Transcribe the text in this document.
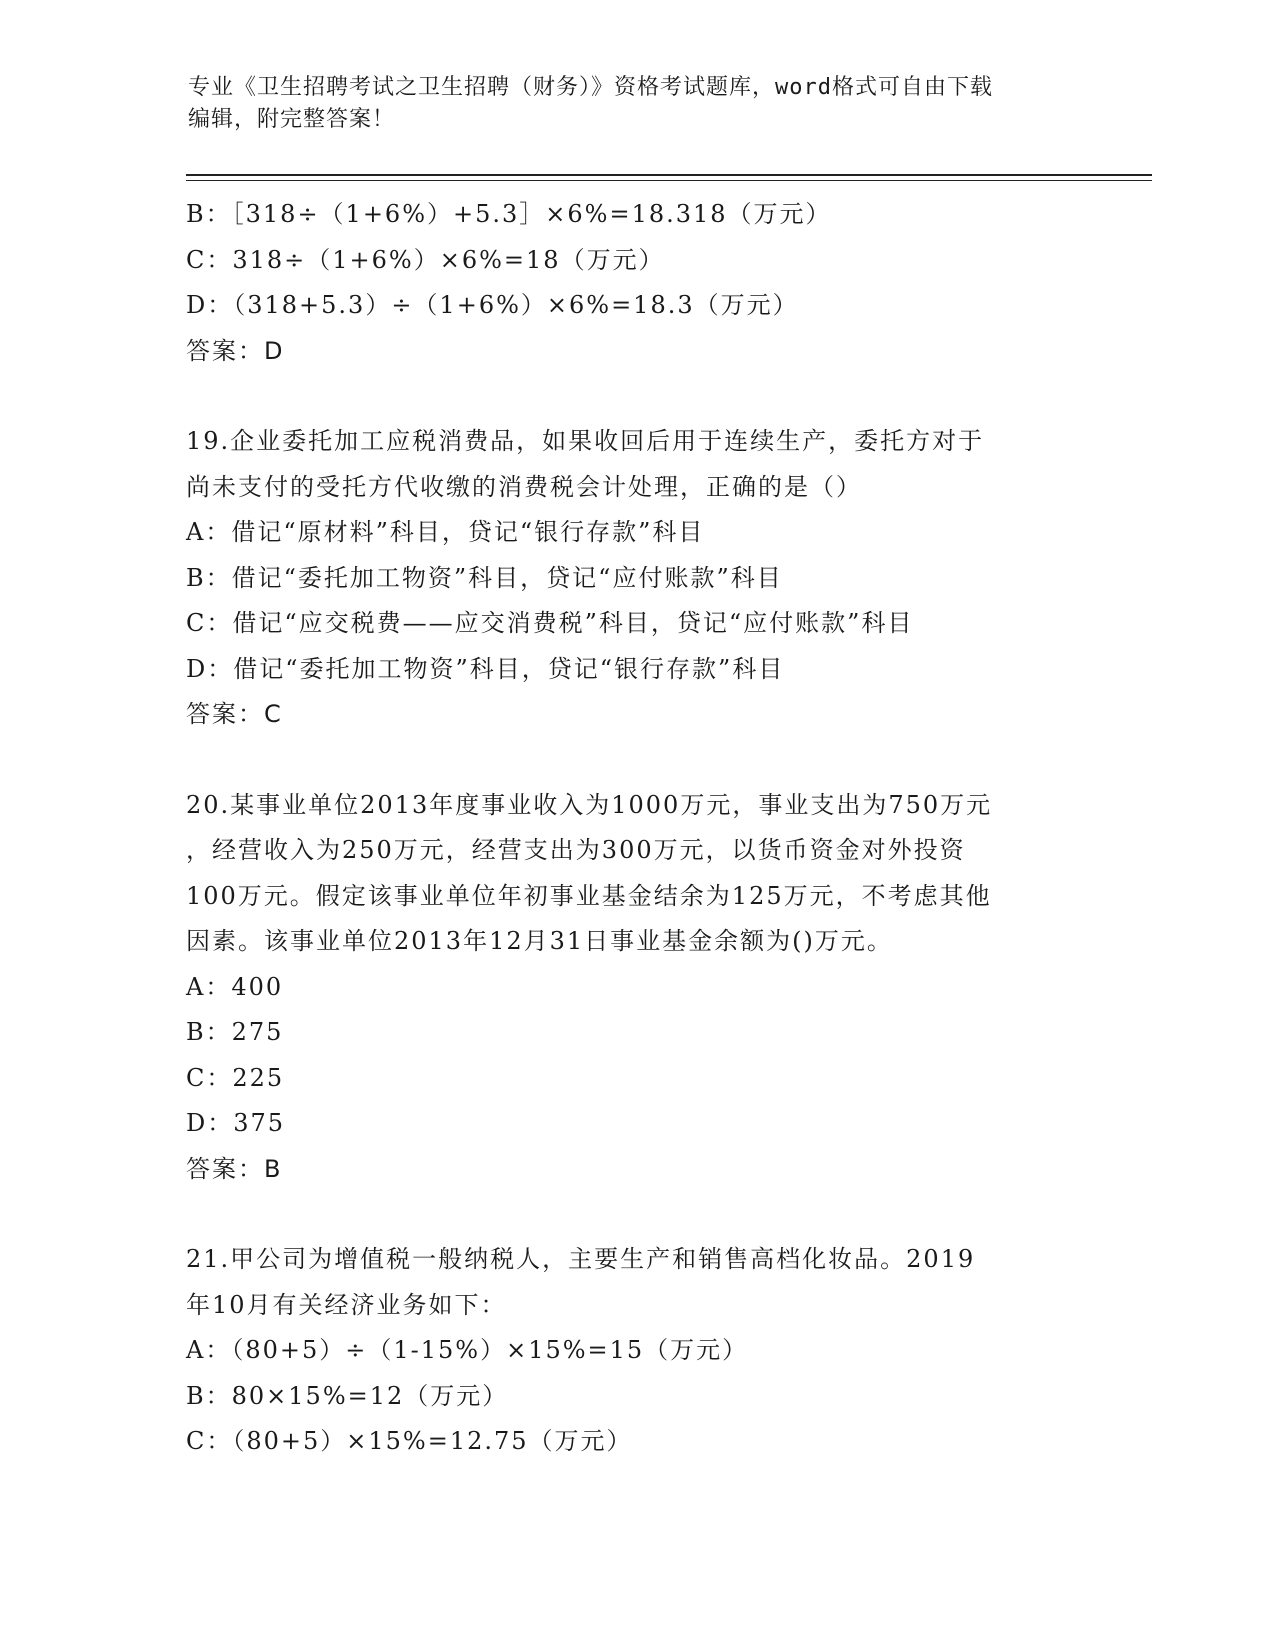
专业《卫生招聘考试之卫生招聘（财务）》资格考试题库，word格式可自由下载
编辑，附完整答案！
B：［318÷（1+6%）+5.3］×6%=18.318（万元）
C：318÷（1+6%）×6%=18（万元）
D：（318+5.3）÷（1+6%）×6%=18.3（万元）
答案：D
19.企业委托加工应税消费品，如果收回后用于连续生产，委托方对于
尚未支付的受托方代收缴的消费税会计处理，正确的是（）
A：借记“原材料”科目，贷记“银行存款”科目
B：借记“委托加工物资”科目，贷记“应付账款”科目
C：借记“应交税费——应交消费税”科目，贷记“应付账款”科目
D：借记“委托加工物资”科目，贷记“银行存款”科目
答案：C
20.某事业单位2013年度事业收入为1000万元，事业支出为750万元
，经营收入为250万元，经营支出为300万元，以货币资金对外投资
100万元。假定该事业单位年初事业基金结余为125万元，不考虑其他
因素。该事业单位2013年12月31日事业基金余额为()万元。
A：400
B：275
C：225
D：375
答案：B
21.甲公司为增值税一般纳税人，主要生产和销售高档化妆品。2019
年10月有关经济业务如下：
A：（80+5）÷（1-15%）×15%=15（万元）
B：80×15%=12（万元）
C：（80+5）×15%=12.75（万元）
